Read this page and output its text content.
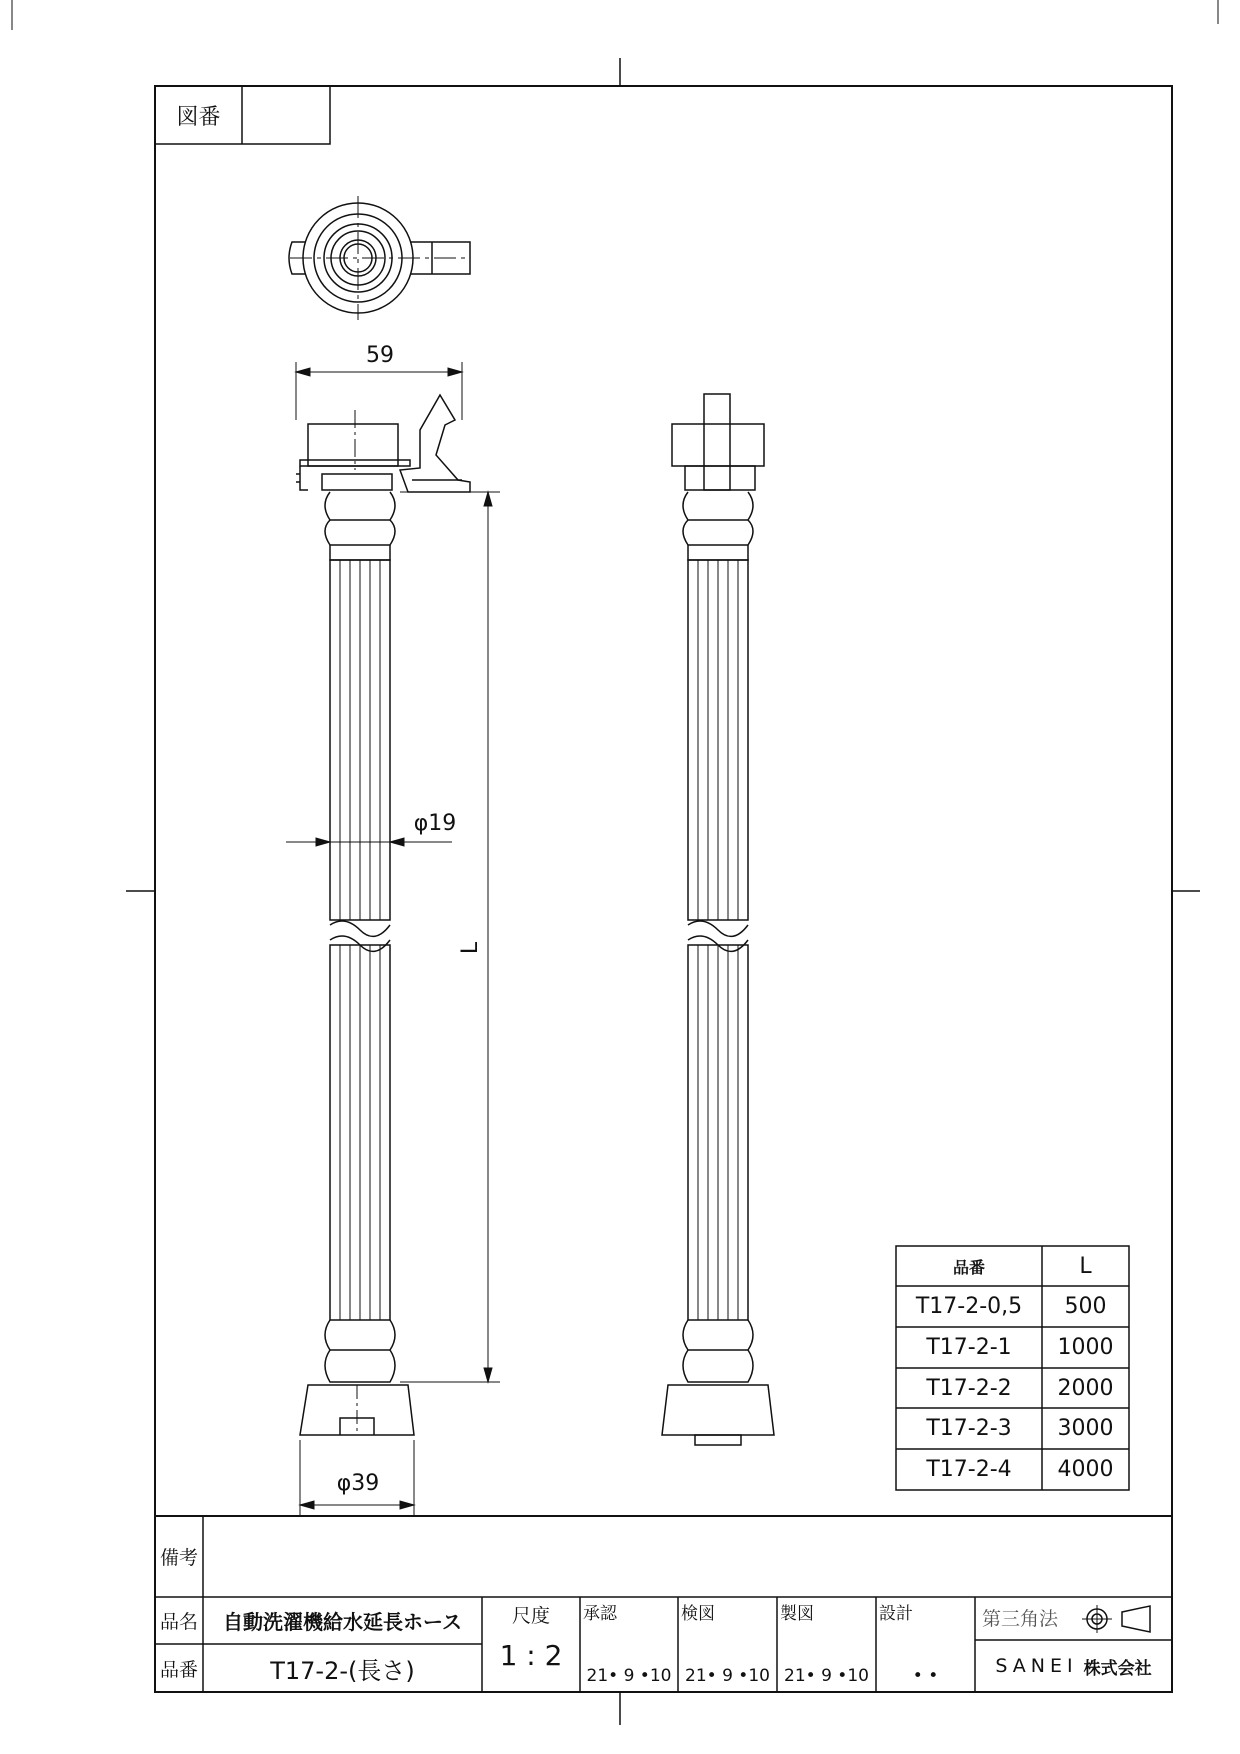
図番
59
φ19
L
φ39
品番	L
T17-2-0,5	500
T17-2-1	1000
T17-2-2	2000
T17-2-3	3000
T17-2-4	4000
備考
品名	自動洗濯機給水延長ホース
品番	T17-2-(長さ)
尺度
1 : 2
承認
21• 9 •10
検図
21• 9 •10
製図
21• 9 •10
設計
• •
第三角法
SANEI 株式会社
